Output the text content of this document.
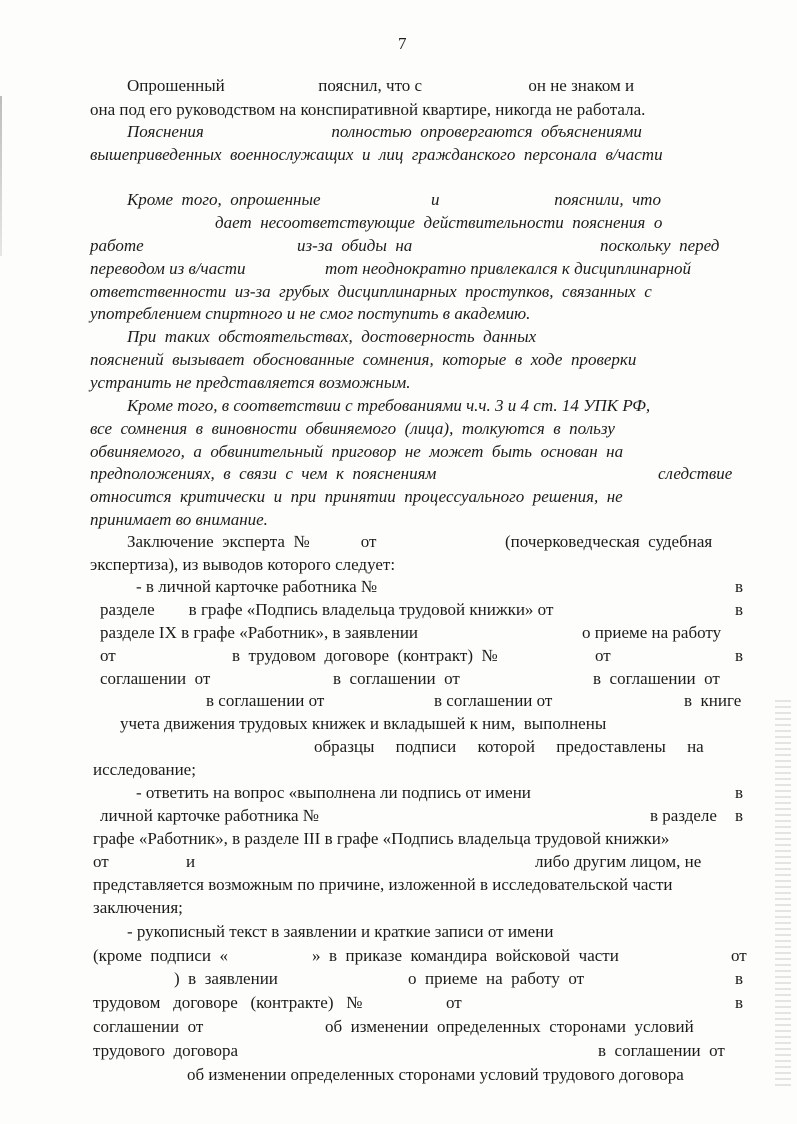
7
Опрошенный                      пояснил, что с                         он не знаком и
она под его руководством на конспиративной квартире, никогда не работала.
Пояснения                              полностью  опровергаются  объяснениями
вышеприведенных  военнослужащих  и  лиц  гражданского  персонала  в/части
Кроме  того,  опрошенные                          и                           пояснили,  что
дает  несоответствующие  действительности  пояснения  о
работе	из-за  обиды  на	поскольку  перед
переводом из в/части	тот неоднократно привлекался к дисциплинарной
ответственности  из-за  грубых  дисциплинарных  проступков,  связанных  с
употреблением спиртного и не смог поступить в академию.
При  таких  обстоятельствах,  достоверность  данных
пояснений  вызывает  обоснованные  сомнения,  которые  в  ходе  проверки
устранить не представляется возможным.
Кроме того, в соответствии с требованиями ч.ч. 3 и 4 ст. 14 УПК РФ,
все  сомнения  в  виновности  обвиняемого  (лица),  толкуются  в  пользу
обвиняемого,  а  обвинительный  приговор  не  может  быть  основан  на
предположениях,  в  связи  с  чем  к  пояснениям	следствие
относится  критически  и  при  принятии  процессуального  решения,  не
принимает во внимание.
Заключение  эксперта  №            от	(почерковедческая  судебная
экспертиза), из выводов которого следует:
- в личной карточке работника №	в
разделе        в графе «Подпись владельца трудовой книжки» от	в
разделе IX в графе «Работник», в заявлении	о приеме на работу
от	в  трудовом  договоре  (контракт)  №	от	в
соглашении  от	в  соглашении  от	в  соглашении  от
в соглашении от	в соглашении от	в  книге
учета движения трудовых книжек и вкладышей к ним,  выполнены
образцы     подписи     которой     предоставлены     на
исследование;
- ответить на вопрос «выполнена ли подпись от имени	в
личной карточке работника №	в разделе в
графе «Работник», в разделе III в графе «Подпись владельца трудовой книжки»
от	и	либо другим лицом, не
представляется возможным по причине, изложенной в исследовательской части
заключения;
- рукописный текст в заявлении и краткие записи от имени
(кроме  подписи  «	»  в  приказе  командира  войсковой  части	от
)  в  заявлении	о  приеме  на  работу  от	в
трудовом   договоре   (контракте)   №	от	в
соглашении  от	об  изменении  определенных  сторонами  условий
трудового  договора	в  соглашении  от
об изменении определенных сторонами условий трудового договора
